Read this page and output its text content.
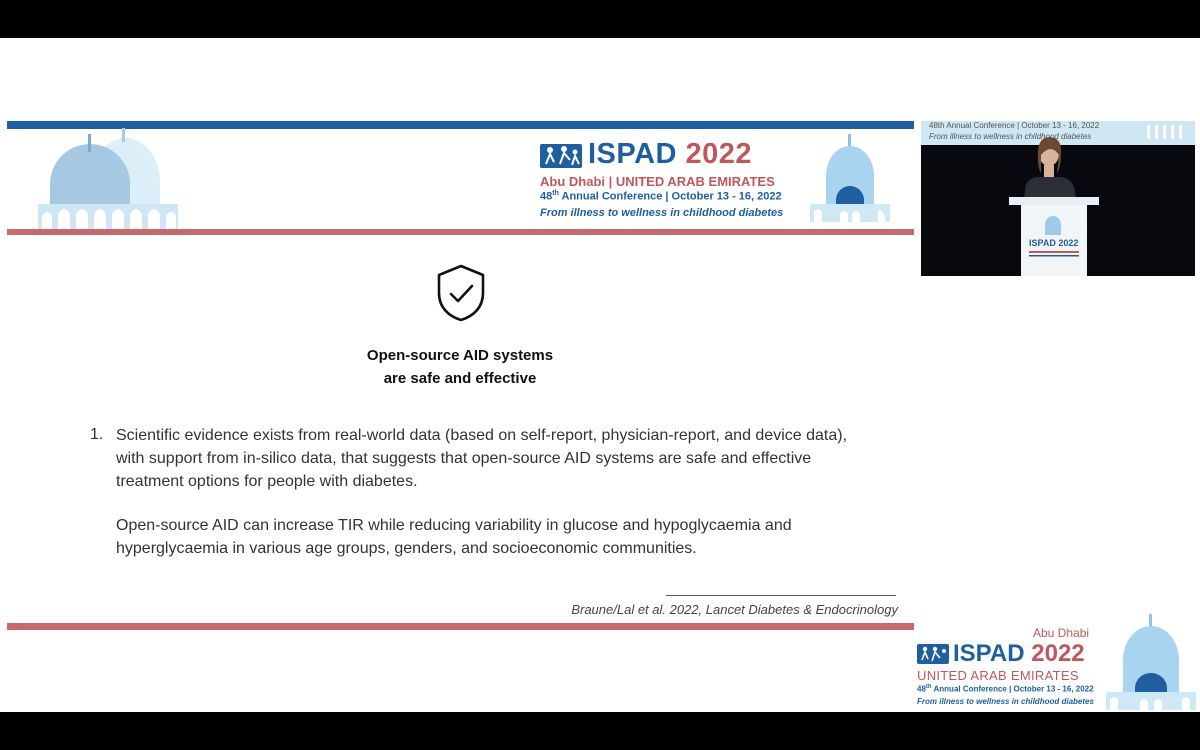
ISPAD 2022
Abu Dhabi | UNITED ARAB EMIRATES
48th Annual Conference | October 13 - 16, 2022
From illness to wellness in childhood diabetes
Open-source AID systems
are safe and effective
1. Scientific evidence exists from real-world data (based on self-report, physician-report, and device data), with support from in-silico data, that suggests that open-source AID systems are safe and effective treatment options for people with diabetes.
Open-source AID can increase TIR while reducing variability in glucose and hypoglycaemia and hyperglycaemia in various age groups, genders, and socioeconomic communities.
Braune/Lal et al. 2022, Lancet Diabetes & Endocrinology
ISPAD 2022
48th Annual Conference | October 13 - 16, 2022
From illness to wellness in childhood diabetes
Abu Dhabi
ISPAD 2022
UNITED ARAB EMIRATES
48th Annual Conference | October 13 - 16, 2022
From illness to wellness in childhood diabetes
